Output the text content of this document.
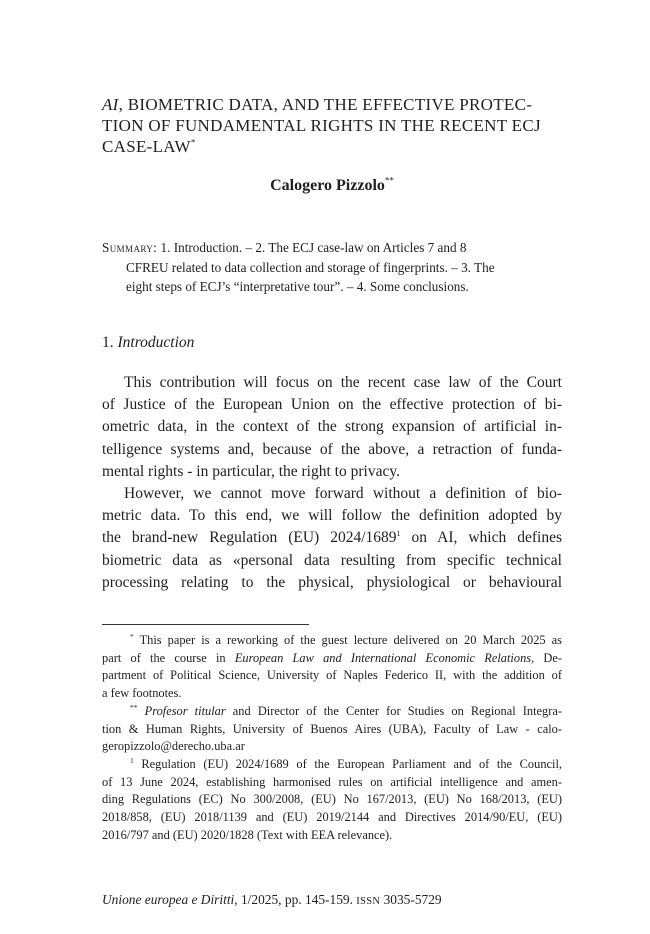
AI, BIOMETRIC DATA, AND THE EFFECTIVE PROTEC-
TION OF FUNDAMENTAL RIGHTS IN THE RECENT ECJ
CASE-LAW*
Calogero Pizzolo**
Summary: 1. Introduction. – 2. The ECJ case-law on Articles 7 and 8
CFREU related to data collection and storage of fingerprints. – 3. The
eight steps of ECJ’s “interpretative tour”. – 4. Some conclusions.
1. Introduction
This contribution will focus on the recent case law of the Court
of Justice of the European Union on the effective protection of bi-
ometric data, in the context of the strong expansion of artificial in-
telligence systems and, because of the above, a retraction of funda-
mental rights - in particular, the right to privacy.
However, we cannot move forward without a definition of bio-
metric data. To this end, we will follow the definition adopted by
the brand-new Regulation (EU) 2024/1689$^1$ on AI, which defines
biometric data as «personal data resulting from specific technical
processing relating to the physical, physiological or behavioural
* This paper is a reworking of the guest lecture delivered on 20 March 2025 as
part of the course in European Law and International Economic Relations, De-
partment of Political Science, University of Naples Federico II, with the addition of
a few footnotes.
** Profesor titular and Director of the Center for Studies on Regional Integra-
tion & Human Rights, University of Buenos Aires (UBA), Faculty of Law - calo-
geropizzolo@derecho.uba.ar
$^1$ Regulation (EU) 2024/1689 of the European Parliament and of the Council,
of 13 June 2024, establishing harmonised rules on artificial intelligence and amen-
ding Regulations (EC) No 300/2008, (EU) No 167/2013, (EU) No 168/2013, (EU)
2018/858, (EU) 2018/1139 and (EU) 2019/2144 and Directives 2014/90/EU, (EU)
2016/797 and (EU) 2020/1828 (Text with EEA relevance).
Unione europea e Diritti, 1/2025, pp. 145-159. ISSN 3035-5729
